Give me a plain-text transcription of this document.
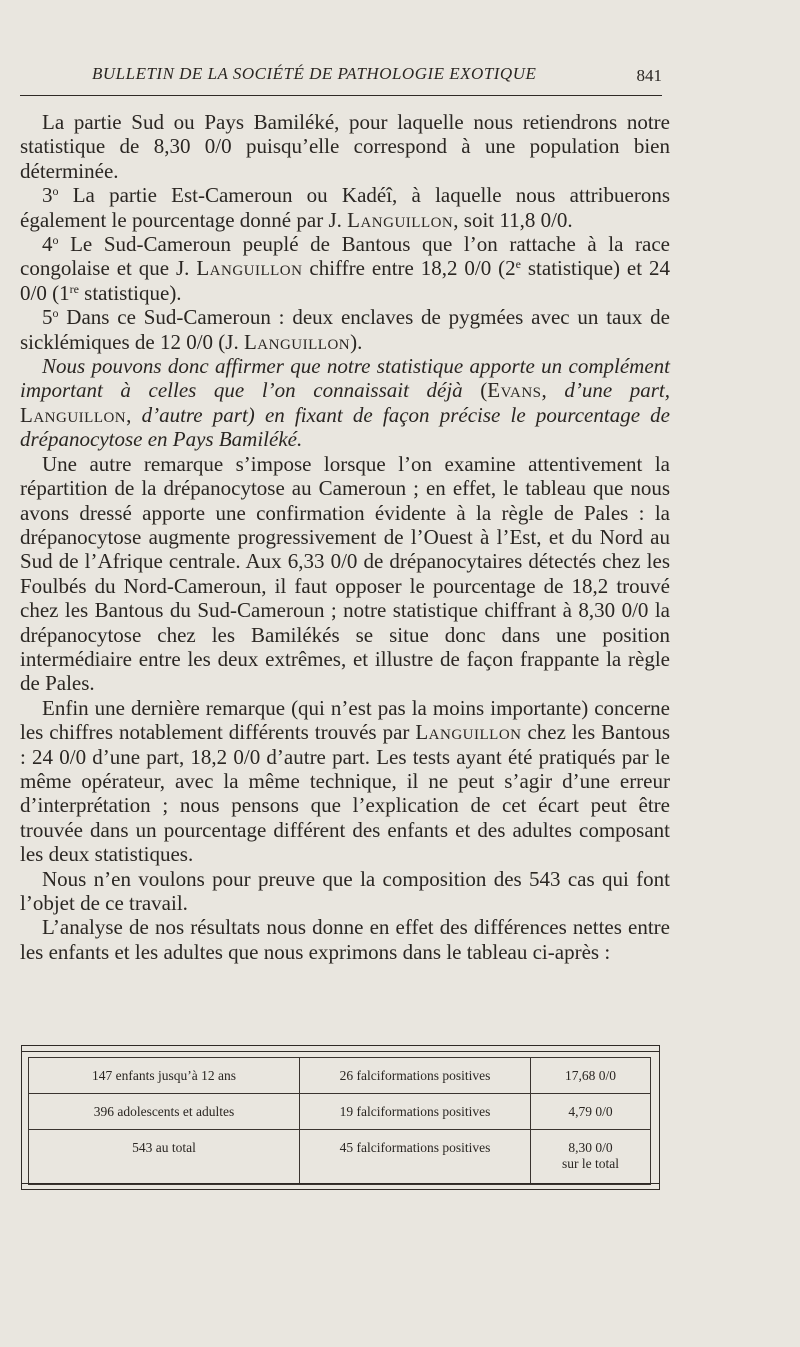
BULLETIN DE LA SOCIÉTÉ DE PATHOLOGIE EXOTIQUE	841

La partie Sud ou Pays Bamiléké, pour laquelle nous retiendrons notre statistique de 8,30 0/0 puisqu’elle correspond à une population bien déterminée.

3$^o$ La partie Est-Cameroun ou Kadéî, à laquelle nous attribuerons également le pourcentage donné par J. Languillon, soit 11,8 0/0.

4$^o$ Le Sud-Cameroun peuplé de Bantous que l’on rattache à la race congolaise et que J. Languillon chiffre entre 18,2 0/0 (2e statistique) et 24 0/0 (1re statistique).

5$^o$ Dans ce Sud-Cameroun : deux enclaves de pygmées avec un taux de sicklémiques de 12 0/0 (J. Languillon).

Nous pouvons donc affirmer que notre statistique apporte un complément important à celles que l’on connaissait déjà (Evans, d’une part, Languillon, d’autre part) en fixant de façon précise le pourcentage de drépanocytose en Pays Bamiléké.

Une autre remarque s’impose lorsque l’on examine attentivement la répartition de la drépanocytose au Cameroun ; en effet, le tableau que nous avons dressé apporte une confirmation évidente à la règle de Pales : la drépanocytose augmente progressivement de l’Ouest à l’Est, et du Nord au Sud de l’Afrique centrale. Aux 6,33 0/0 de drépanocytaires détectés chez les Foulbés du Nord-Cameroun, il faut opposer le pourcentage de 18,2 trouvé chez les Bantous du Sud-Cameroun ; notre statistique chiffrant à 8,30 0/0 la drépanocytose chez les Bamilékés se situe donc dans une position intermédiaire entre les deux extrêmes, et illustre de façon frappante la règle de Pales.

Enfin une dernière remarque (qui n’est pas la moins importante) concerne les chiffres notablement différents trouvés par Languillon chez les Bantous : 24 0/0 d’une part, 18,2 0/0 d’autre part. Les tests ayant été pratiqués par le même opérateur, avec la même technique, il ne peut s’agir d’une erreur d’interprétation ; nous pensons que l’explication de cet écart peut être trouvée dans un pourcentage différent des enfants et des adultes composant les deux statistiques.

Nous n’en voulons pour preuve que la composition des 543 cas qui font l’objet de ce travail.

L’analyse de nos résultats nous donne en effet des différences nettes entre les enfants et les adultes que nous exprimons dans le tableau ci-après :

147 enfants jusqu’à 12 ans	26 falciformations positives	17,68 0/0
396 adolescents et adultes	19 falciformations positives	4,79 0/0
543 au total	45 falciformations positives	8,30 0/0
sur le total
